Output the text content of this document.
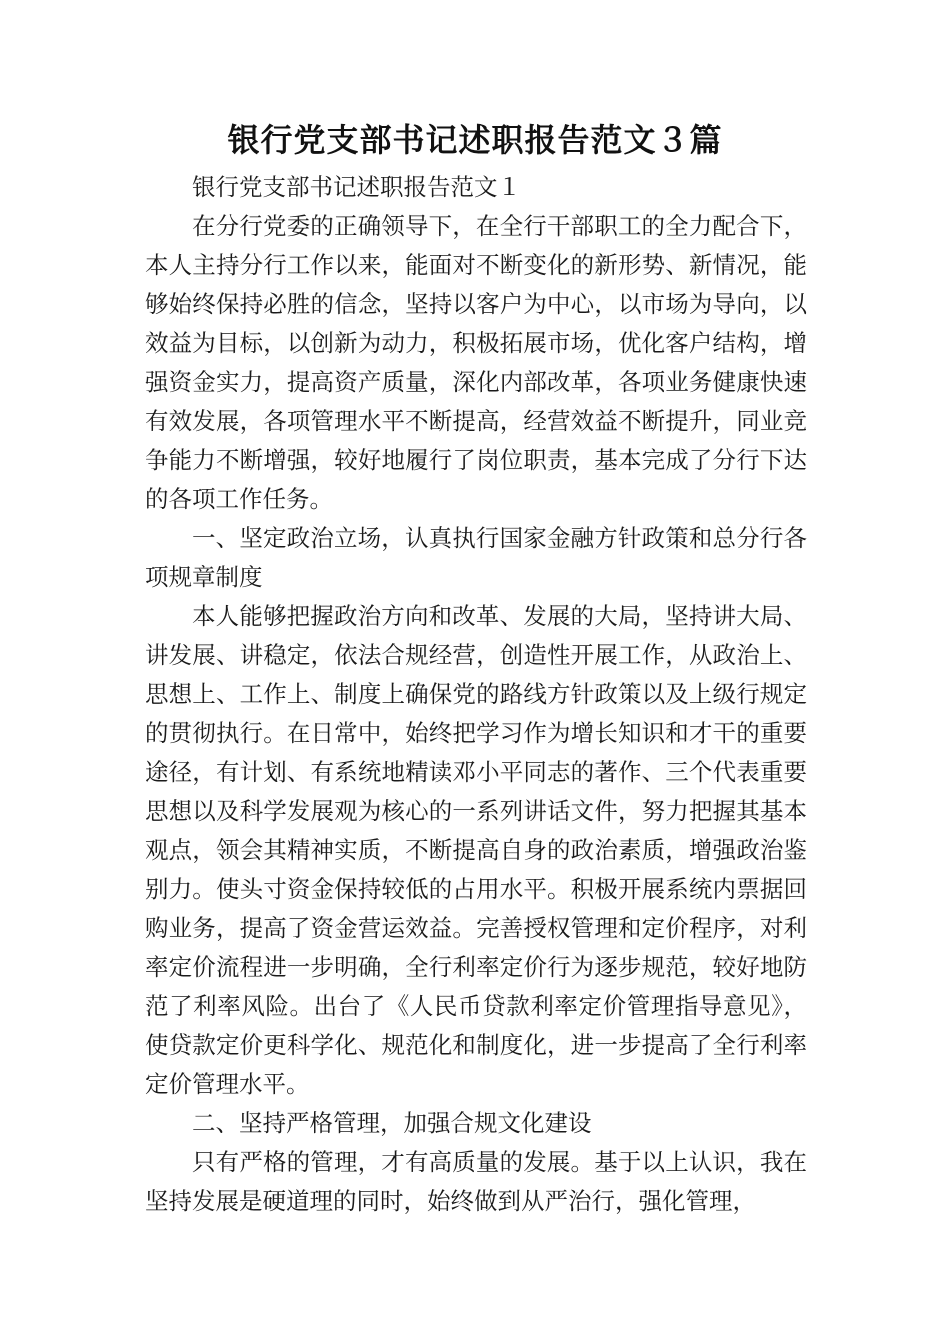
银行党支部书记述职报告范文３篇

银行党支部书记述职报告范文１

在分行党委的正确领导下，在全行干部职工的全力配合下，本人主持分行工作以来，能面对不断变化的新形势、新情况，能够始终保持必胜的信念，坚持以客户为中心，以市场为导向，以效益为目标，以创新为动力，积极拓展市场，优化客户结构，增强资金实力，提高资产质量，深化内部改革，各项业务健康快速有效发展，各项管理水平不断提高，经营效益不断提升，同业竞争能力不断增强，较好地履行了岗位职责，基本完成了分行下达的各项工作任务。

一、坚定政治立场，认真执行国家金融方针政策和总分行各项规章制度

本人能够把握政治方向和改革、发展的大局，坚持讲大局、讲发展、讲稳定，依法合规经营，创造性开展工作，从政治上、思想上、工作上、制度上确保党的路线方针政策以及上级行规定的贯彻执行。在日常中，始终把学习作为增长知识和才干的重要途径，有计划、有系统地精读邓小平同志的著作、三个代表重要思想以及科学发展观为核心的一系列讲话文件，努力把握其基本观点，领会其精神实质，不断提高自身的政治素质，增强政治鉴别力。使头寸资金保持较低的占用水平。积极开展系统内票据回购业务，提高了资金营运效益。完善授权管理和定价程序，对利率定价流程进一步明确，全行利率定价行为逐步规范，较好地防范了利率风险。出台了《人民币贷款利率定价管理指导意见》，使贷款定价更科学化、规范化和制度化，进一步提高了全行利率定价管理水平。

二、坚持严格管理，加强合规文化建设

只有严格的管理，才有高质量的发展。基于以上认识，我在坚持发展是硬道理的同时，始终做到从严治行，强化管理，
